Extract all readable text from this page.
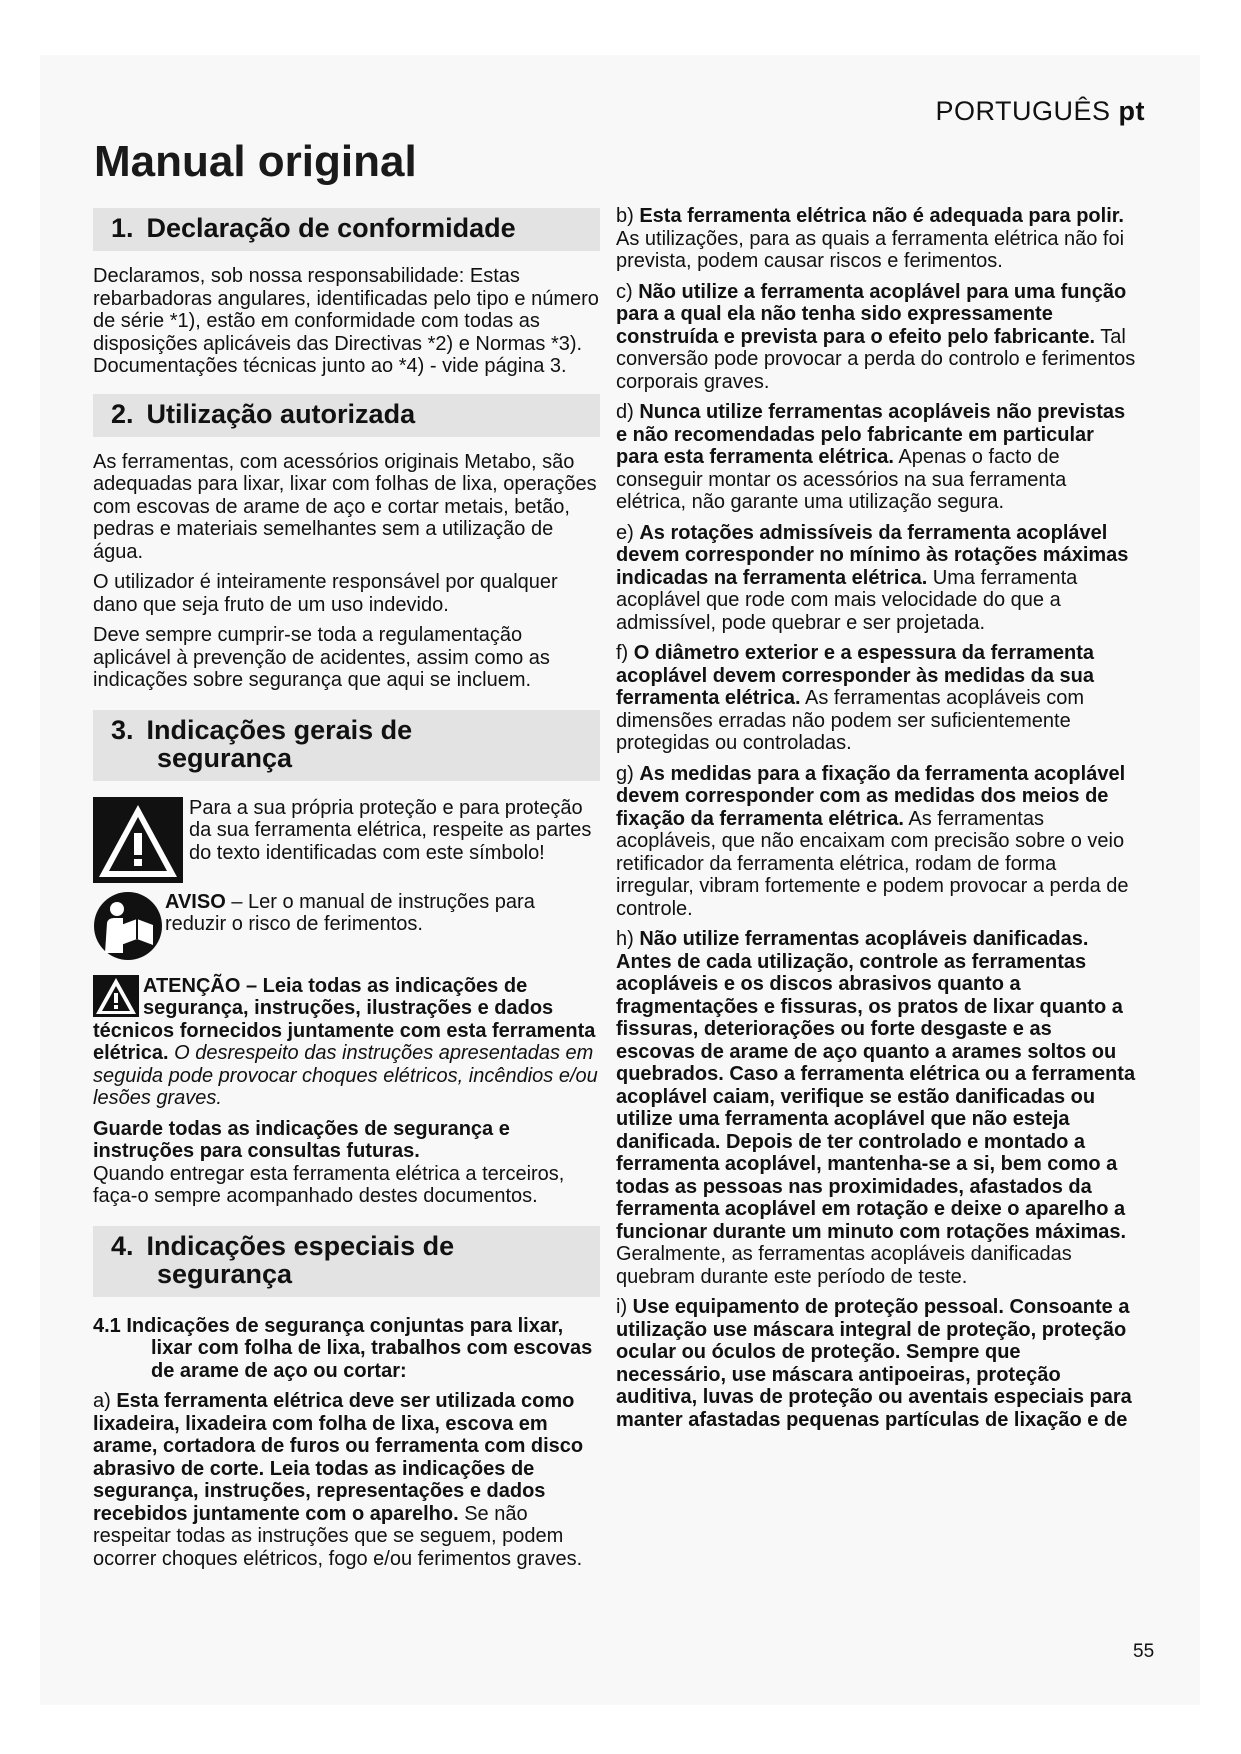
PORTUGUÊS pt
Manual original
1. Declaração de conformidade

Declaramos, sob nossa responsabilidade: Estas rebarbadoras angulares, identificadas pelo tipo e número de série *1), estão em conformidade com todas as disposições aplicáveis das Directivas *2) e Normas *3). Documentações técnicas junto ao *4) - vide página 3.

2. Utilização autorizada

As ferramentas, com acessórios originais Metabo, são adequadas para lixar, lixar com folhas de lixa, operações com escovas de arame de aço e cortar metais, betão, pedras e materiais semelhantes sem a utilização de água.

O utilizador é inteiramente responsável por qualquer dano que seja fruto de um uso indevido.

Deve sempre cumprir-se toda a regulamentação aplicável à prevenção de acidentes, assim como as indicações sobre segurança que aqui se incluem.

3. Indicações gerais de
segurança
Para a sua própria proteção e para proteção da sua ferramenta elétrica, respeite as partes do texto identificadas com este símbolo!
AVISO – Ler o manual de instruções para reduzir o risco de ferimentos.

ATENÇÃO – Leia todas as indicações de segurança, instruções, ilustrações e dados técnicos fornecidos juntamente com esta ferramenta elétrica. O desrespeito das instruções apresentadas em seguida pode provocar choques elétricos, incêndios e/ou lesões graves.

Guarde todas as indicações de segurança e instruções para consultas futuras.
Quando entregar esta ferramenta elétrica a terceiros, faça-o sempre acompanhado destes documentos.

4. Indicações especiais de
segurança

4.1 Indicações de segurança conjuntas para lixar, lixar com folha de lixa, trabalhos com escovas de arame de aço ou cortar:

a) Esta ferramenta elétrica deve ser utilizada como lixadeira, lixadeira com folha de lixa, escova em arame, cortadora de furos ou ferramenta com disco abrasivo de corte. Leia todas as indicações de segurança, instruções, representações e dados recebidos juntamente com o aparelho. Se não respeitar todas as instruções que se seguem, podem ocorrer choques elétricos, fogo e/ou ferimentos graves.

b) Esta ferramenta elétrica não é adequada para polir. As utilizações, para as quais a ferramenta elétrica não foi prevista, podem causar riscos e ferimentos.

c) Não utilize a ferramenta acoplável para uma função para a qual ela não tenha sido expressamente construída e prevista para o efeito pelo fabricante. Tal conversão pode provocar a perda do controlo e ferimentos corporais graves.

d) Nunca utilize ferramentas acopláveis não previstas e não recomendadas pelo fabricante em particular para esta ferramenta elétrica. Apenas o facto de conseguir montar os acessórios na sua ferramenta elétrica, não garante uma utilização segura.

e) As rotações admissíveis da ferramenta acoplável devem corresponder no mínimo às rotações máximas indicadas na ferramenta elétrica. Uma ferramenta acoplável que rode com mais velocidade do que a admissível, pode quebrar e ser projetada.

f) O diâmetro exterior e a espessura da ferramenta acoplável devem corresponder às medidas da sua ferramenta elétrica. As ferramentas acopláveis com dimensões erradas não podem ser suficientemente protegidas ou controladas.

g) As medidas para a fixação da ferramenta acoplável devem corresponder com as medidas dos meios de fixação da ferramenta elétrica. As ferramentas acopláveis, que não encaixam com precisão sobre o veio retificador da ferramenta elétrica, rodam de forma irregular, vibram fortemente e podem provocar a perda de controle.

h) Não utilize ferramentas acopláveis danificadas. Antes de cada utilização, controle as ferramentas acopláveis e os discos abrasivos quanto a fragmentações e fissuras, os pratos de lixar quanto a fissuras, deteriorações ou forte desgaste e as escovas de arame de aço quanto a arames soltos ou quebrados. Caso a ferramenta elétrica ou a ferramenta acoplável caiam, verifique se estão danificadas ou utilize uma ferramenta acoplável que não esteja danificada. Depois de ter controlado e montado a ferramenta acoplável, mantenha-se a si, bem como a todas as pessoas nas proximidades, afastados da ferramenta acoplável em rotação e deixe o aparelho a funcionar durante um minuto com rotações máximas. Geralmente, as ferramentas acopláveis danificadas quebram durante este período de teste.

i) Use equipamento de proteção pessoal. Consoante a utilização use máscara integral de proteção, proteção ocular ou óculos de proteção. Sempre que necessário, use máscara antipoeiras, proteção auditiva, luvas de proteção ou aventais especiais para manter afastadas pequenas partículas de lixação e de

55
